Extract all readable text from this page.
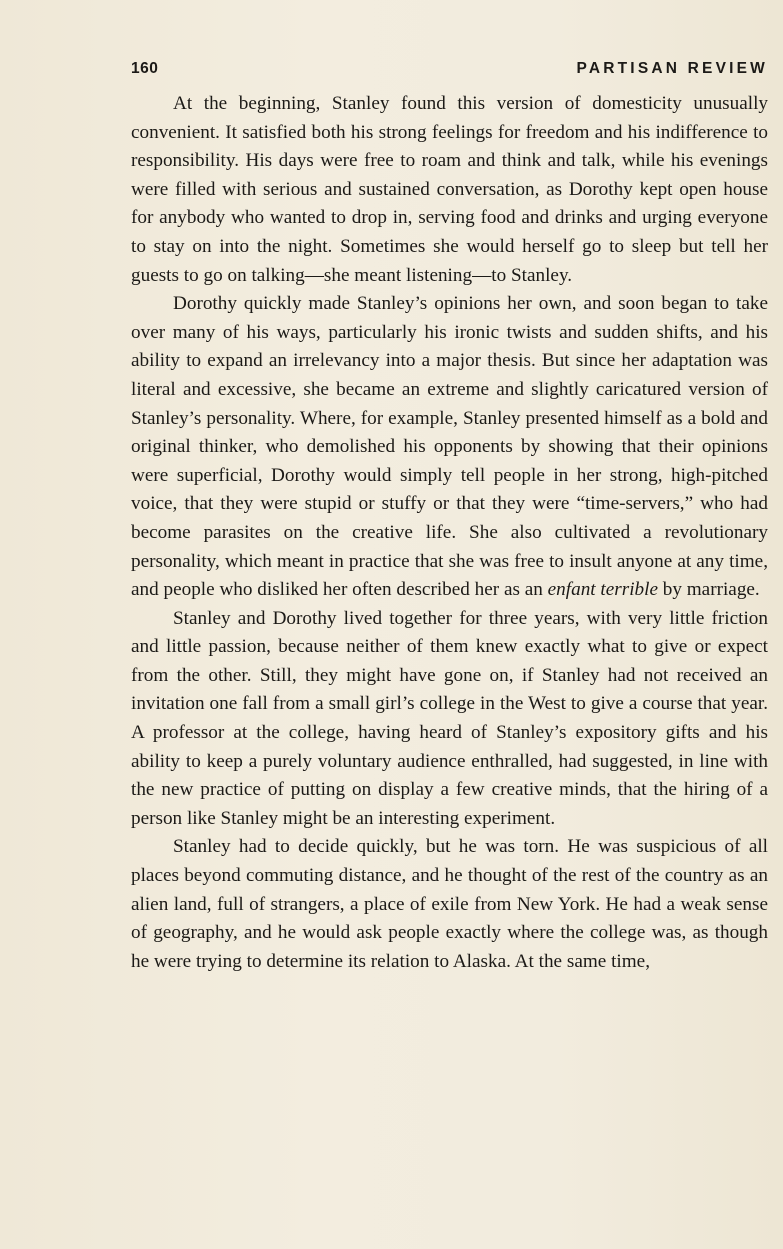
160	PARTISAN REVIEW

At the beginning, Stanley found this version of domesticity unusually convenient. It satisfied both his strong feelings for freedom and his indifference to responsibility. His days were free to roam and think and talk, while his evenings were filled with serious and sustained conversation, as Dorothy kept open house for anybody who wanted to drop in, serving food and drinks and urging everyone to stay on into the night. Sometimes she would herself go to sleep but tell her guests to go on talking—she meant listening—to Stanley.

Dorothy quickly made Stanley’s opinions her own, and soon began to take over many of his ways, particularly his ironic twists and sudden shifts, and his ability to expand an irrelevancy into a major thesis. But since her adaptation was literal and excessive, she became an extreme and slightly caricatured version of Stanley’s personality. Where, for example, Stanley presented himself as a bold and original thinker, who demolished his opponents by showing that their opinions were superficial, Dorothy would simply tell people in her strong, high-pitched voice, that they were stupid or stuffy or that they were “time-servers,” who had become parasites on the creative life. She also cultivated a revolutionary personality, which meant in practice that she was free to insult anyone at any time, and people who disliked her often described her as an enfant terrible by marriage.

Stanley and Dorothy lived together for three years, with very little friction and little passion, because neither of them knew exactly what to give or expect from the other. Still, they might have gone on, if Stanley had not received an invitation one fall from a small girl’s college in the West to give a course that year. A professor at the college, having heard of Stanley’s expository gifts and his ability to keep a purely voluntary audience enthralled, had suggested, in line with the new practice of putting on display a few creative minds, that the hiring of a person like Stanley might be an interesting experiment.

Stanley had to decide quickly, but he was torn. He was suspicious of all places beyond commuting distance, and he thought of the rest of the country as an alien land, full of strangers, a place of exile from New York. He had a weak sense of geography, and he would ask people exactly where the college was, as though he were trying to determine its relation to Alaska. At the same time,
